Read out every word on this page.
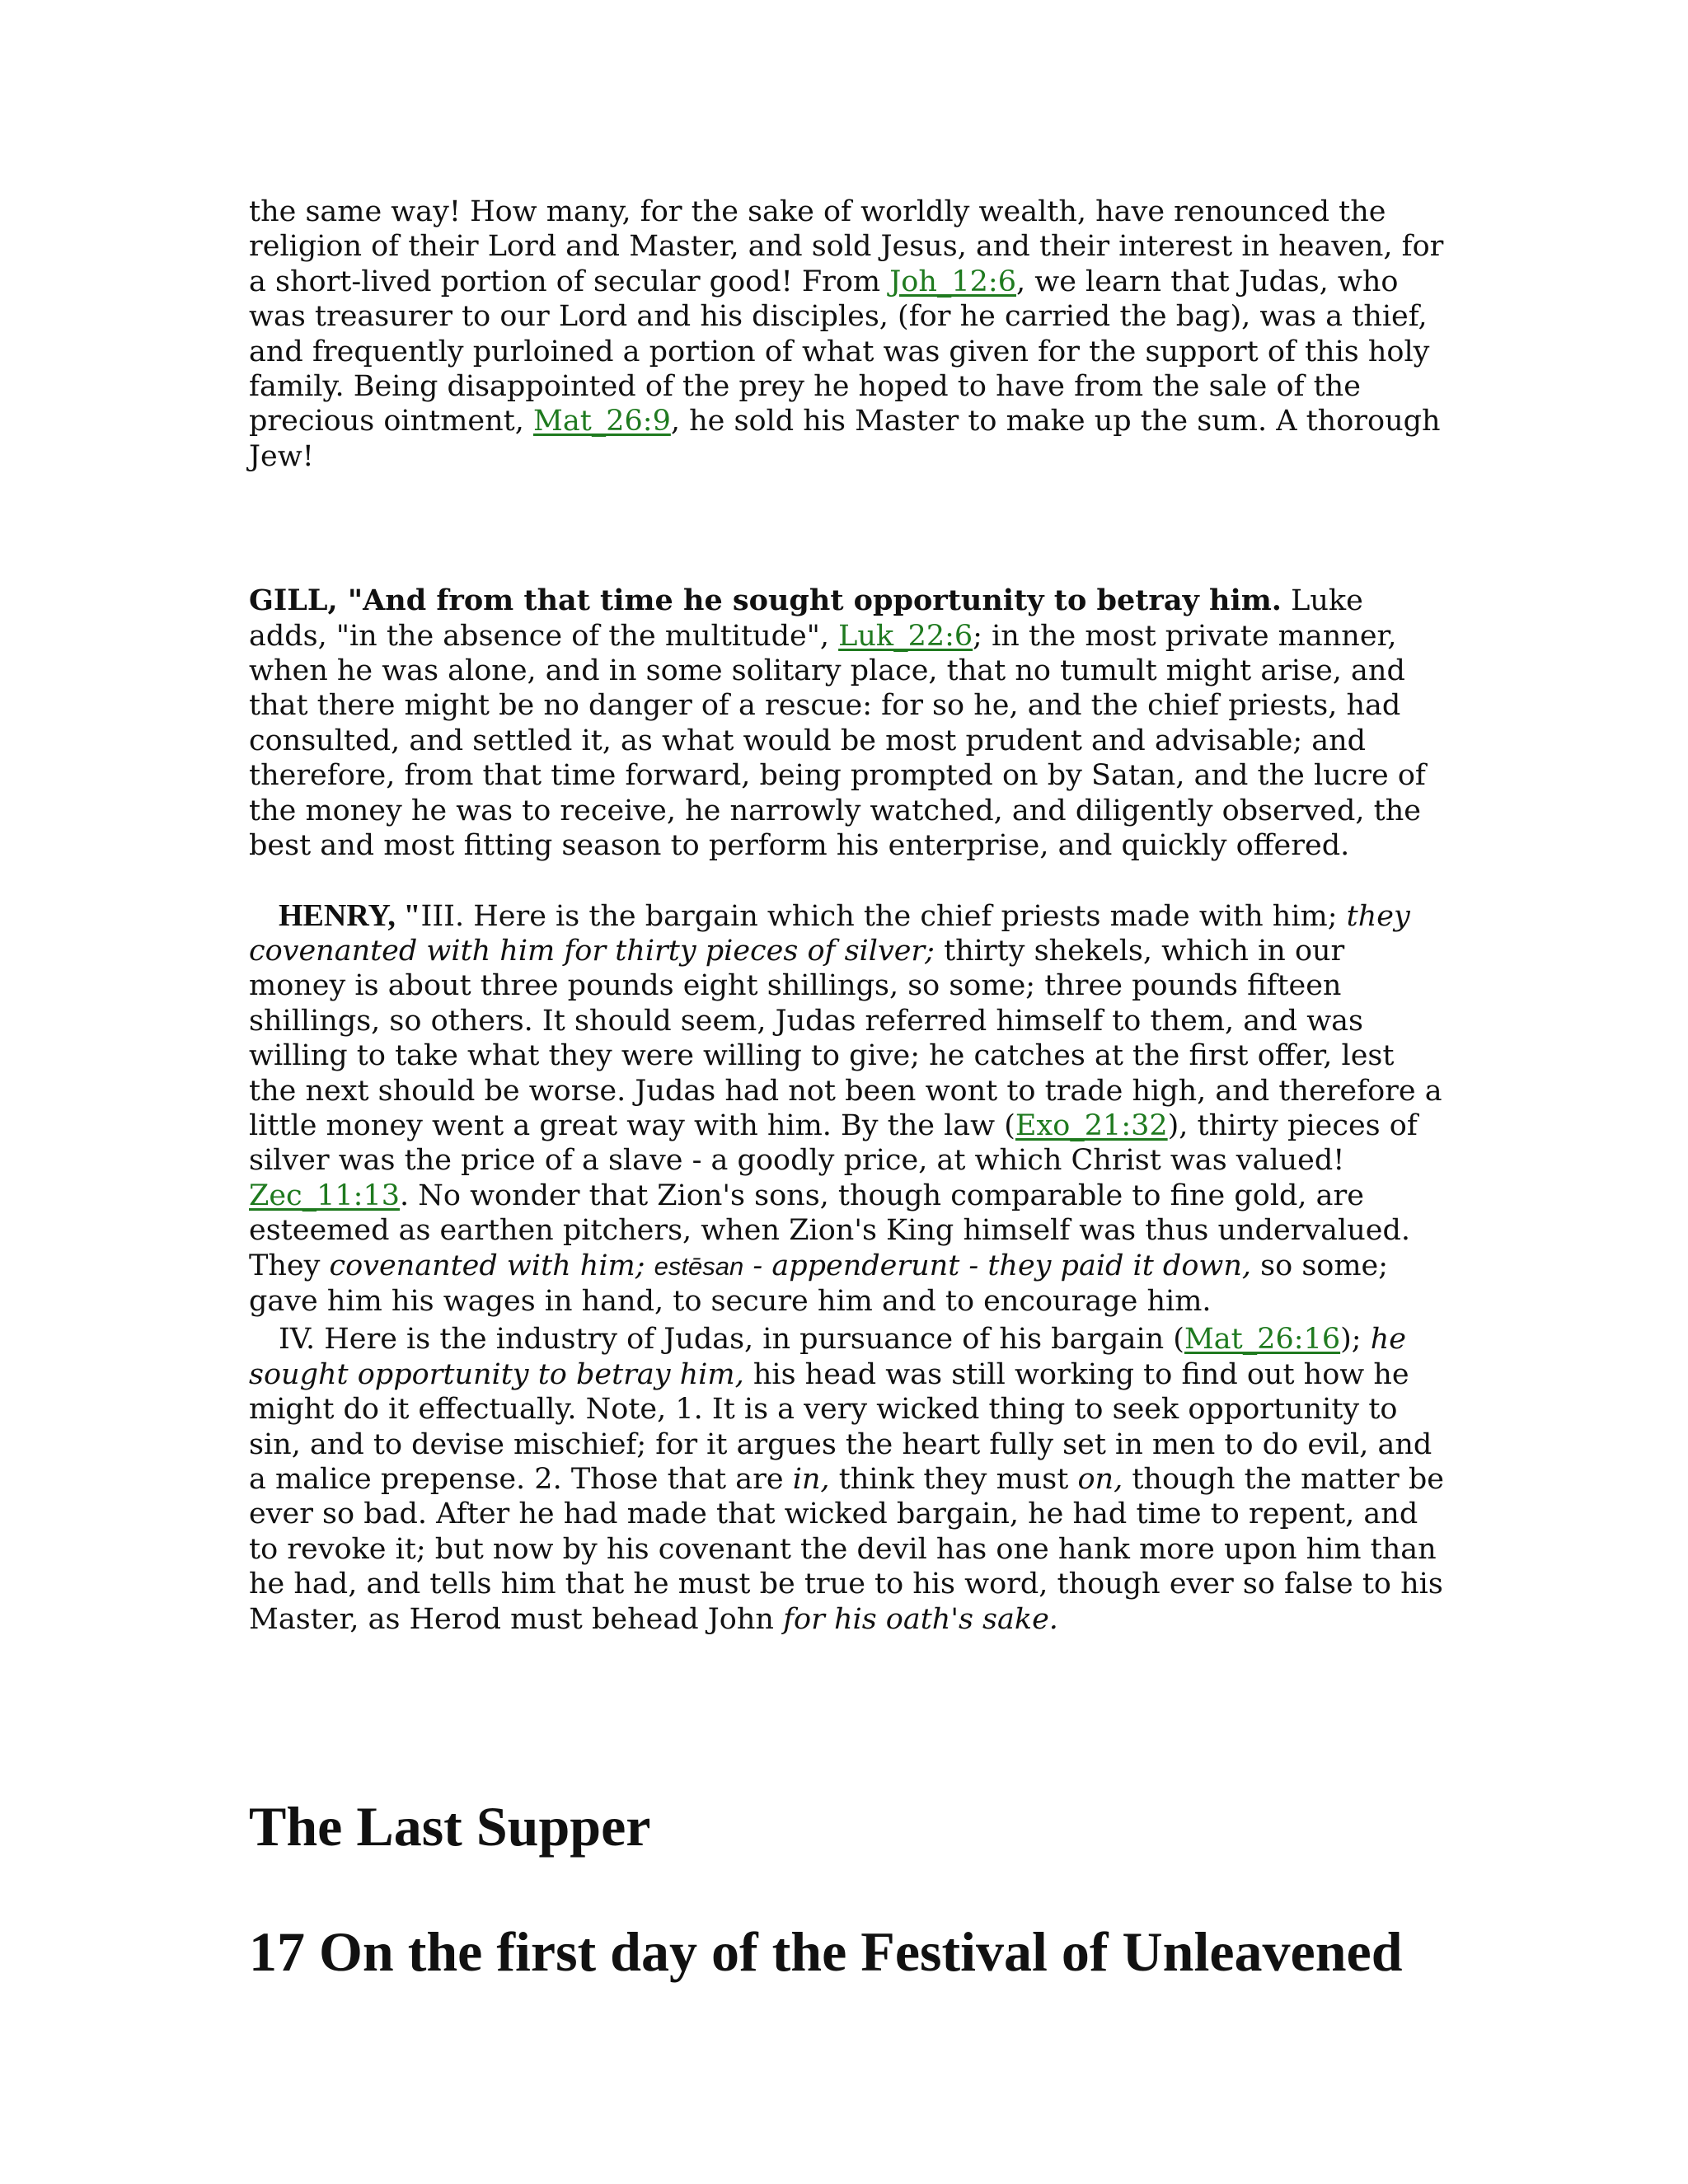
the same way! How many, for the sake of worldly wealth, have renounced the religion of their Lord and Master, and sold Jesus, and their interest in heaven, for a short-lived portion of secular good! From Joh_12:6, we learn that Judas, who was treasurer to our Lord and his disciples, (for he carried the bag), was a thief, and frequently purloined a portion of what was given for the support of this holy family. Being disappointed of the prey he hoped to have from the sale of the precious ointment, Mat_26:9, he sold his Master to make up the sum. A thorough Jew!

GILL, "And from that time he sought opportunity to betray him. Luke adds, "in the absence of the multitude", Luk_22:6; in the most private manner, when he was alone, and in some solitary place, that no tumult might arise, and that there might be no danger of a rescue: for so he, and the chief priests, had consulted, and settled it, as what would be most prudent and advisable; and therefore, from that time forward, being prompted on by Satan, and the lucre of the money he was to receive, he narrowly watched, and diligently observed, the best and most fitting season to perform his enterprise, and quickly offered.

HENRY, "III. Here is the bargain which the chief priests made with him; they covenanted with him for thirty pieces of silver; thirty shekels, which in our money is about three pounds eight shillings, so some; three pounds fifteen shillings, so others. It should seem, Judas referred himself to them, and was willing to take what they were willing to give; he catches at the first offer, lest the next should be worse. Judas had not been wont to trade high, and therefore a little money went a great way with him. By the law (Exo_21:32), thirty pieces of silver was the price of a slave - a goodly price, at which Christ was valued! Zec_11:13. No wonder that Zion's sons, though comparable to fine gold, are esteemed as earthen pitchers, when Zion's King himself was thus undervalued. They covenanted with him; estēsan - appenderunt - they paid it down, so some; gave him his wages in hand, to secure him and to encourage him.

IV. Here is the industry of Judas, in pursuance of his bargain (Mat_26:16); he sought opportunity to betray him, his head was still working to find out how he might do it effectually. Note, 1. It is a very wicked thing to seek opportunity to sin, and to devise mischief; for it argues the heart fully set in men to do evil, and a malice prepense. 2. Those that are in, think they must on, though the matter be ever so bad. After he had made that wicked bargain, he had time to repent, and to revoke it; but now by his covenant the devil has one hank more upon him than he had, and tells him that he must be true to his word, though ever so false to his Master, as Herod must behead John for his oath's sake.

The Last Supper
17 On the first day of the Festival of Unleavened
